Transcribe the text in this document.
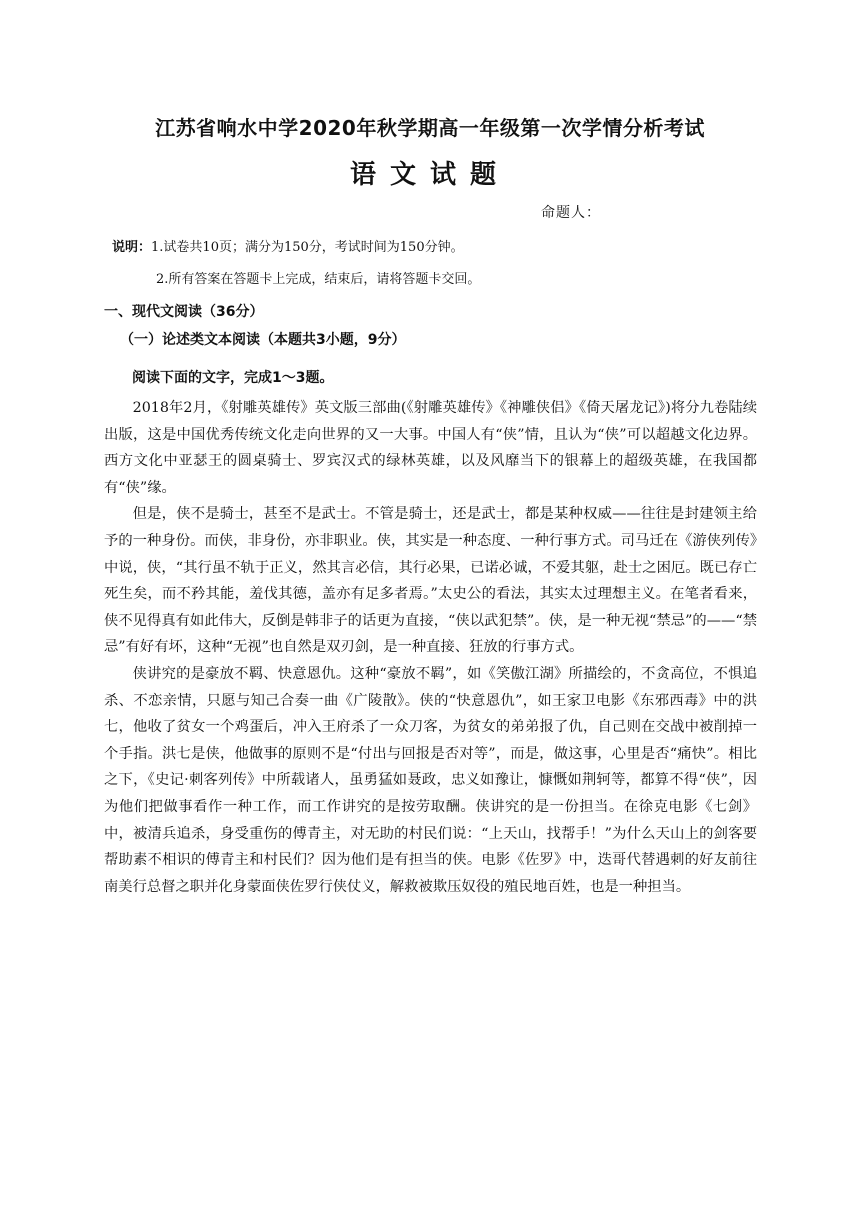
江苏省响水中学2020年秋学期高一年级第一次学情分析考试
语文试题
命题人：
说明：1.试卷共10页；满分为150分，考试时间为150分钟。
2.所有答案在答题卡上完成，结束后，请将答题卡交回。
一、现代文阅读（36分）
（一）论述类文本阅读（本题共3小题，9分）
阅读下面的文字，完成1～3题。

2018年2月，《射雕英雄传》英文版三部曲(《射雕英雄传》《神雕侠侣》《倚天屠龙记》)将分九卷陆续出版，这是中国优秀传统文化走向世界的又一大事。中国人有“侠”情，且认为“侠”可以超越文化边界。西方文化中亚瑟王的圆桌骑士、罗宾汉式的绿林英雄，以及风靡当下的银幕上的超级英雄，在我国都有“侠”缘。

但是，侠不是骑士，甚至不是武士。不管是骑士，还是武士，都是某种权威——往往是封建领主给予的一种身份。而侠，非身份，亦非职业。侠，其实是一种态度、一种行事方式。司马迁在《游侠列传》中说，侠，“其行虽不轨于正义，然其言必信，其行必果，已诺必诚，不爱其躯，赴士之困厄。既已存亡死生矣，而不矜其能，羞伐其德，盖亦有足多者焉。”太史公的看法，其实太过理想主义。在笔者看来，侠不见得真有如此伟大，反倒是韩非子的话更为直接，“侠以武犯禁”。侠，是一种无视“禁忌”的——“禁忌”有好有坏，这种“无视”也自然是双刃剑，是一种直接、狂放的行事方式。

侠讲究的是豪放不羁、快意恩仇。这种“豪放不羁”，如《笑傲江湖》所描绘的，不贪高位，不惧追杀、不恋亲情，只愿与知己合奏一曲《广陵散》。侠的“快意恩仇”，如王家卫电影《东邪西毒》中的洪七，他收了贫女一个鸡蛋后，冲入王府杀了一众刀客，为贫女的弟弟报了仇，自己则在交战中被削掉一个手指。洪七是侠，他做事的原则不是“付出与回报是否对等”，而是，做这事，心里是否“痛快”。相比之下，《史记·刺客列传》中所载诸人，虽勇猛如聂政，忠义如豫让，慷慨如荆轲等，都算不得“侠”，因为他们把做事看作一种工作，而工作讲究的是按劳取酬。侠讲究的是一份担当。在徐克电影《七剑》中，被清兵追杀，身受重伤的傅青主，对无助的村民们说：“上天山，找帮手！”为什么天山上的剑客要帮助素不相识的傅青主和村民们？因为他们是有担当的侠。电影《佐罗》中，迭哥代替遇刺的好友前往南美行总督之职并化身蒙面侠佐罗行侠仗义，解救被欺压奴役的殖民地百姓，也是一种担当。
